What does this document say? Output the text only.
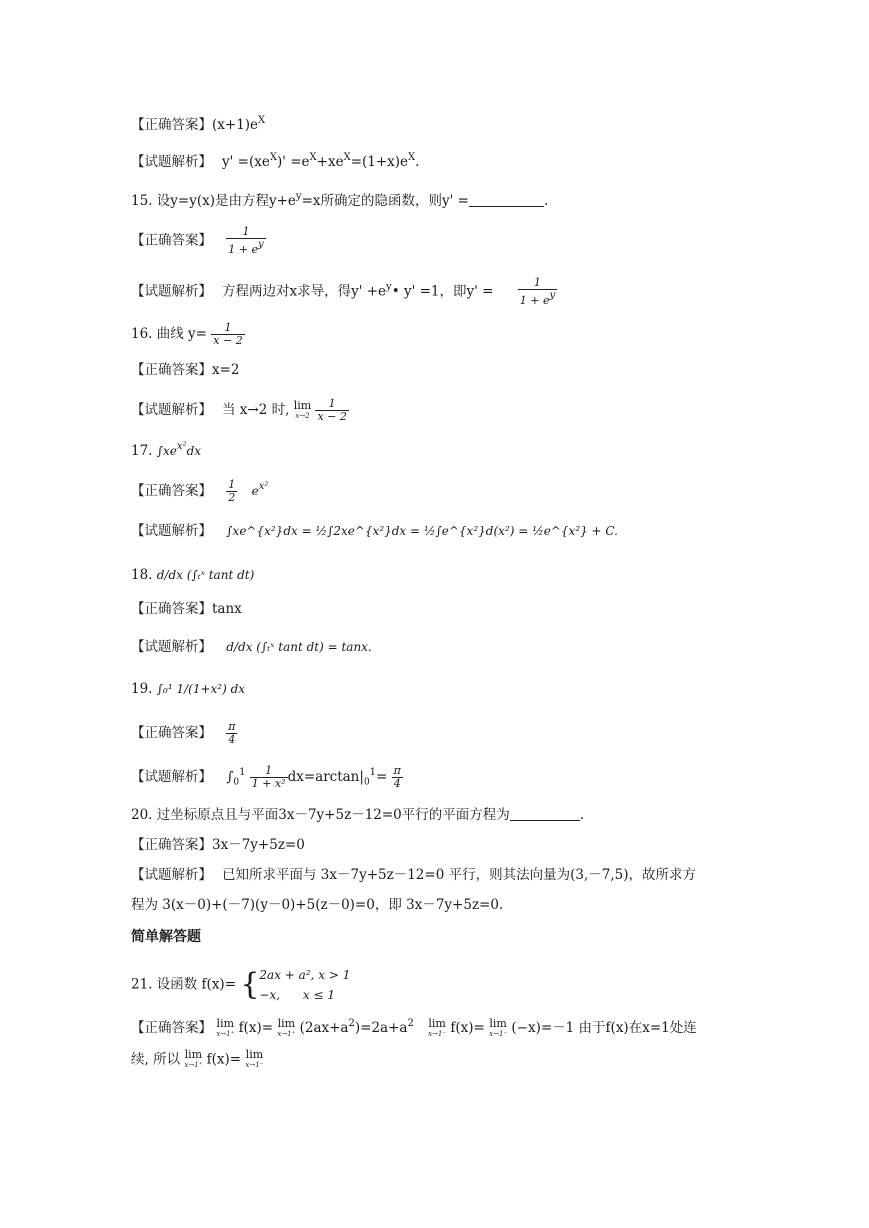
【正确答案】$(x+1)e^X$
【试题解析】 $y' =(xe^X)' =e^X+xe^X=(1+x)e^X$.
15. 设y=y(x)是由方程$y+e^y=x$所确定的隐函数，则y' =	.
【正确答案】 $\frac{1}{1 + e^y}$
【试题解析】 方程两边对x求导，得$y' +e^y•$ y' =1，即$y' = \frac{1}{1 + e^y}$
16. 曲线 $y= \frac{1}{x - 2}$
【正确答案】x=2
【试题解析】 当 x→2 时, lim
x→2
$\frac{1}{x - 2}$
17. $\int xe^{x^2}dx$
【正确答案】 $\frac{1}{2} e^{x^2}$
【试题解析】 ∫xe^{x²}dx = ½∫2xe^{x²}dx = ½∫e^{x²}d(x²) = ½e^{x²} + C.
18. d/dx (∫ₜˣ tant dt)
【正确答案】tanx
【试题解析】 d/dx (∫ₜˣ tant dt) = tanx.
19. ∫₀¹ 1/(1+x²) dx
【正确答案】 $\frac{\pi}{4}$
【试题解析】 $\int_0^1 \frac{1}{\text{1 + x²}} dx=\arctan|_0^1= \frac{\pi}{4}$
20. 过坐标原点且与平面3x－7y+5z－12=0平行的平面方程为	.
【正确答案】3x－7y+5z=0
【试题解析】 已知所求平面与 3x－7y+5z－12=0 平行，则其法向量为(3,－7,5)，故所求方
程为 3(x－0)+(－7)(y－0)+5(z－0)=0，即 3x－7y+5z=0.
简单解答题
21. 设函数 f(x)= { 2ax + a², x > 1
−x,      x ≤ 1
【正确答案】 lim
x→1⁺ f(x)= lim
x→1⁺ $(2ax+a^2)=2a+a^2$ lim
x→1⁻ f(x)= lim
x→1⁻ (−x)=－1 由于f(x)在x=1处连
续, 所以 lim
x→1⁺ f(x)= lim
x→1⁻
